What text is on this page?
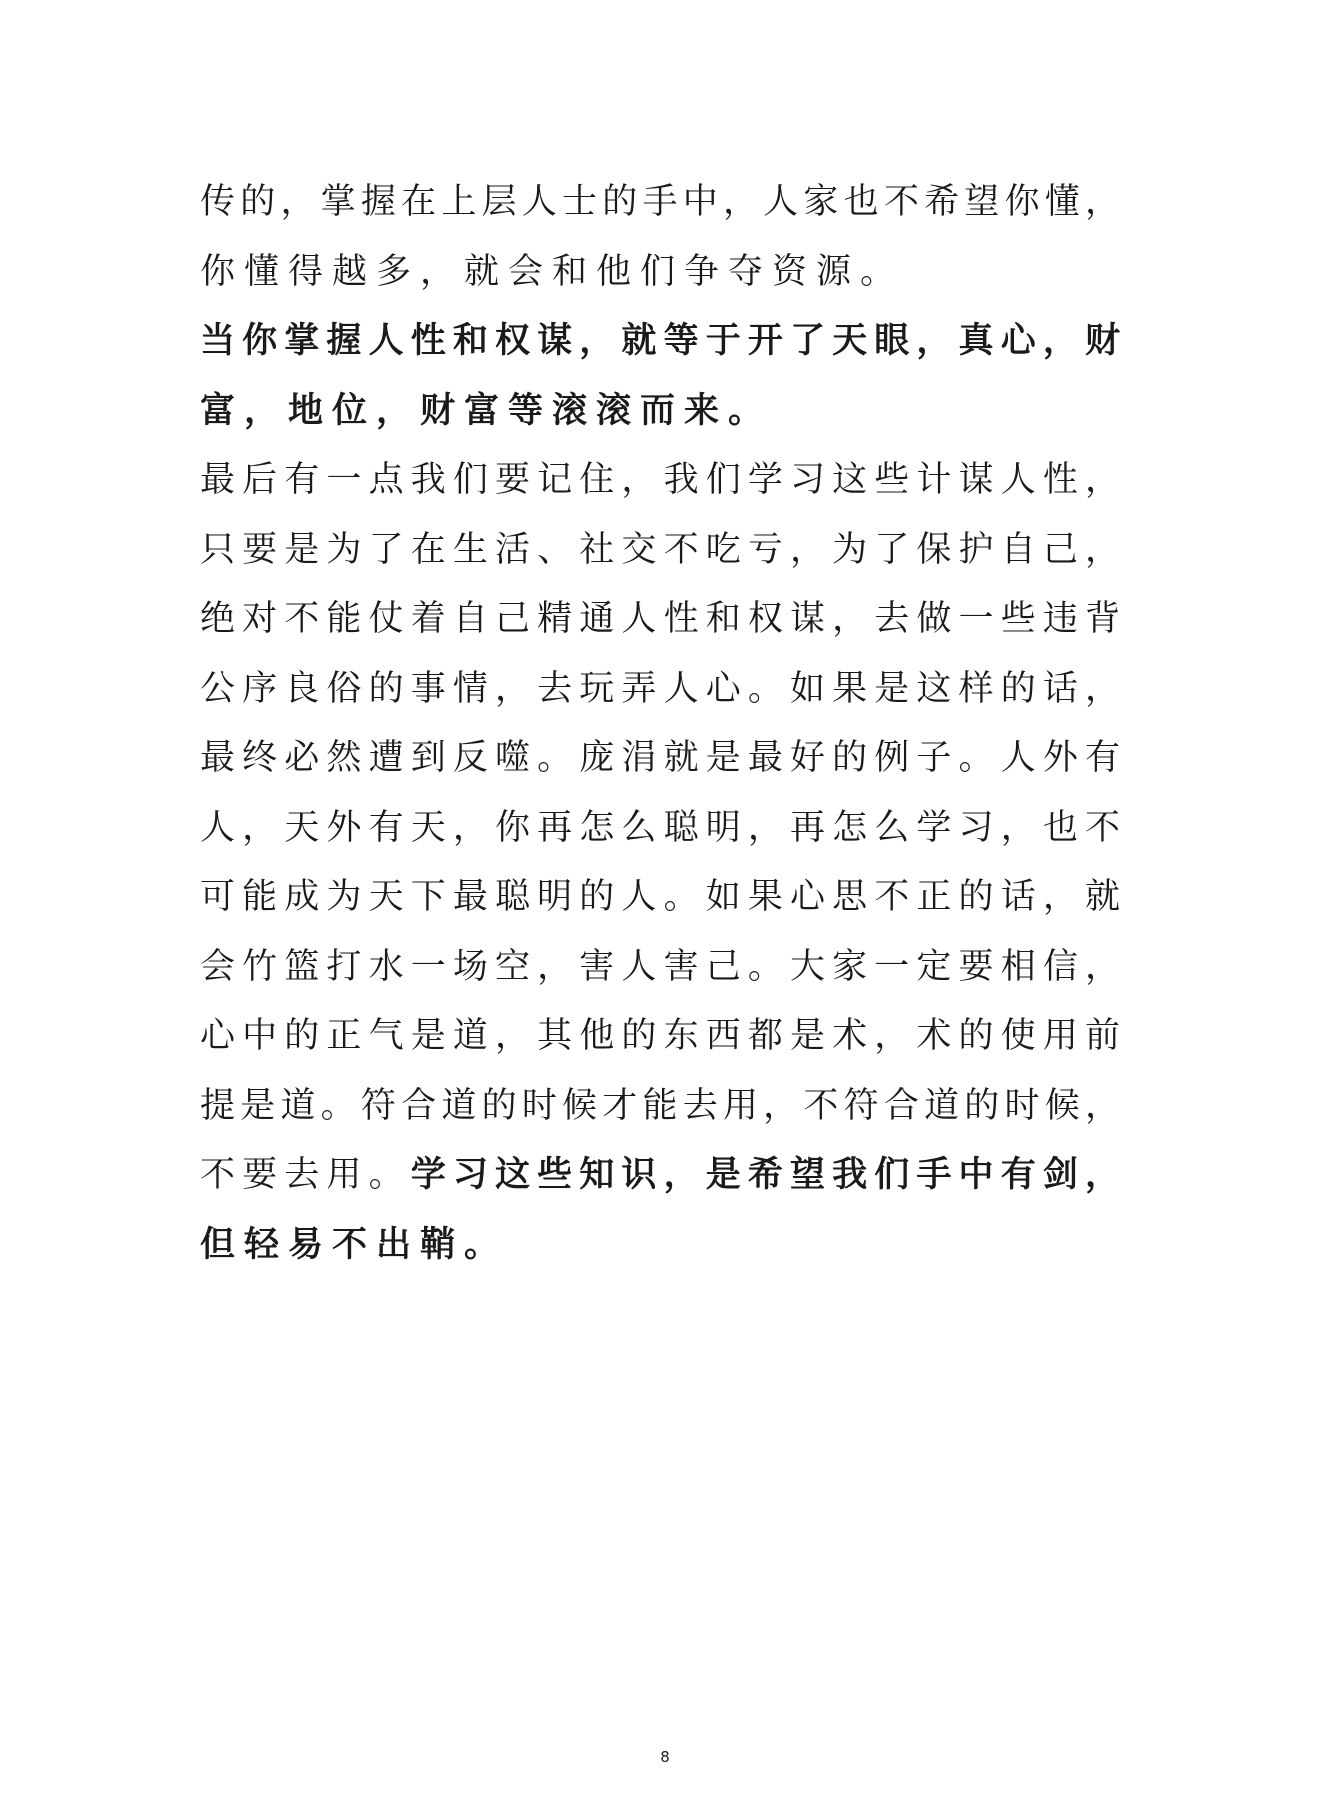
传的，掌握在上层人士的手中，人家也不希望你懂，
你懂得越多，就会和他们争夺资源。
当你掌握人性和权谋，就等于开了天眼，真心，财
富，地位，财富等滚滚而来。
最后有一点我们要记住，我们学习这些计谋人性，
只要是为了在生活、社交不吃亏，为了保护自己，
绝对不能仗着自己精通人性和权谋，去做一些违背
公序良俗的事情，去玩弄人心。如果是这样的话，
最终必然遭到反噬。庞涓就是最好的例子。人外有
人，天外有天，你再怎么聪明，再怎么学习，也不
可能成为天下最聪明的人。如果心思不正的话，就
会竹篮打水一场空，害人害己。大家一定要相信，
心中的正气是道，其他的东西都是术，术的使用前
提是道。符合道的时候才能去用，不符合道的时候，
不要去用。学习这些知识，是希望我们手中有剑，
但轻易不出鞘。
8
